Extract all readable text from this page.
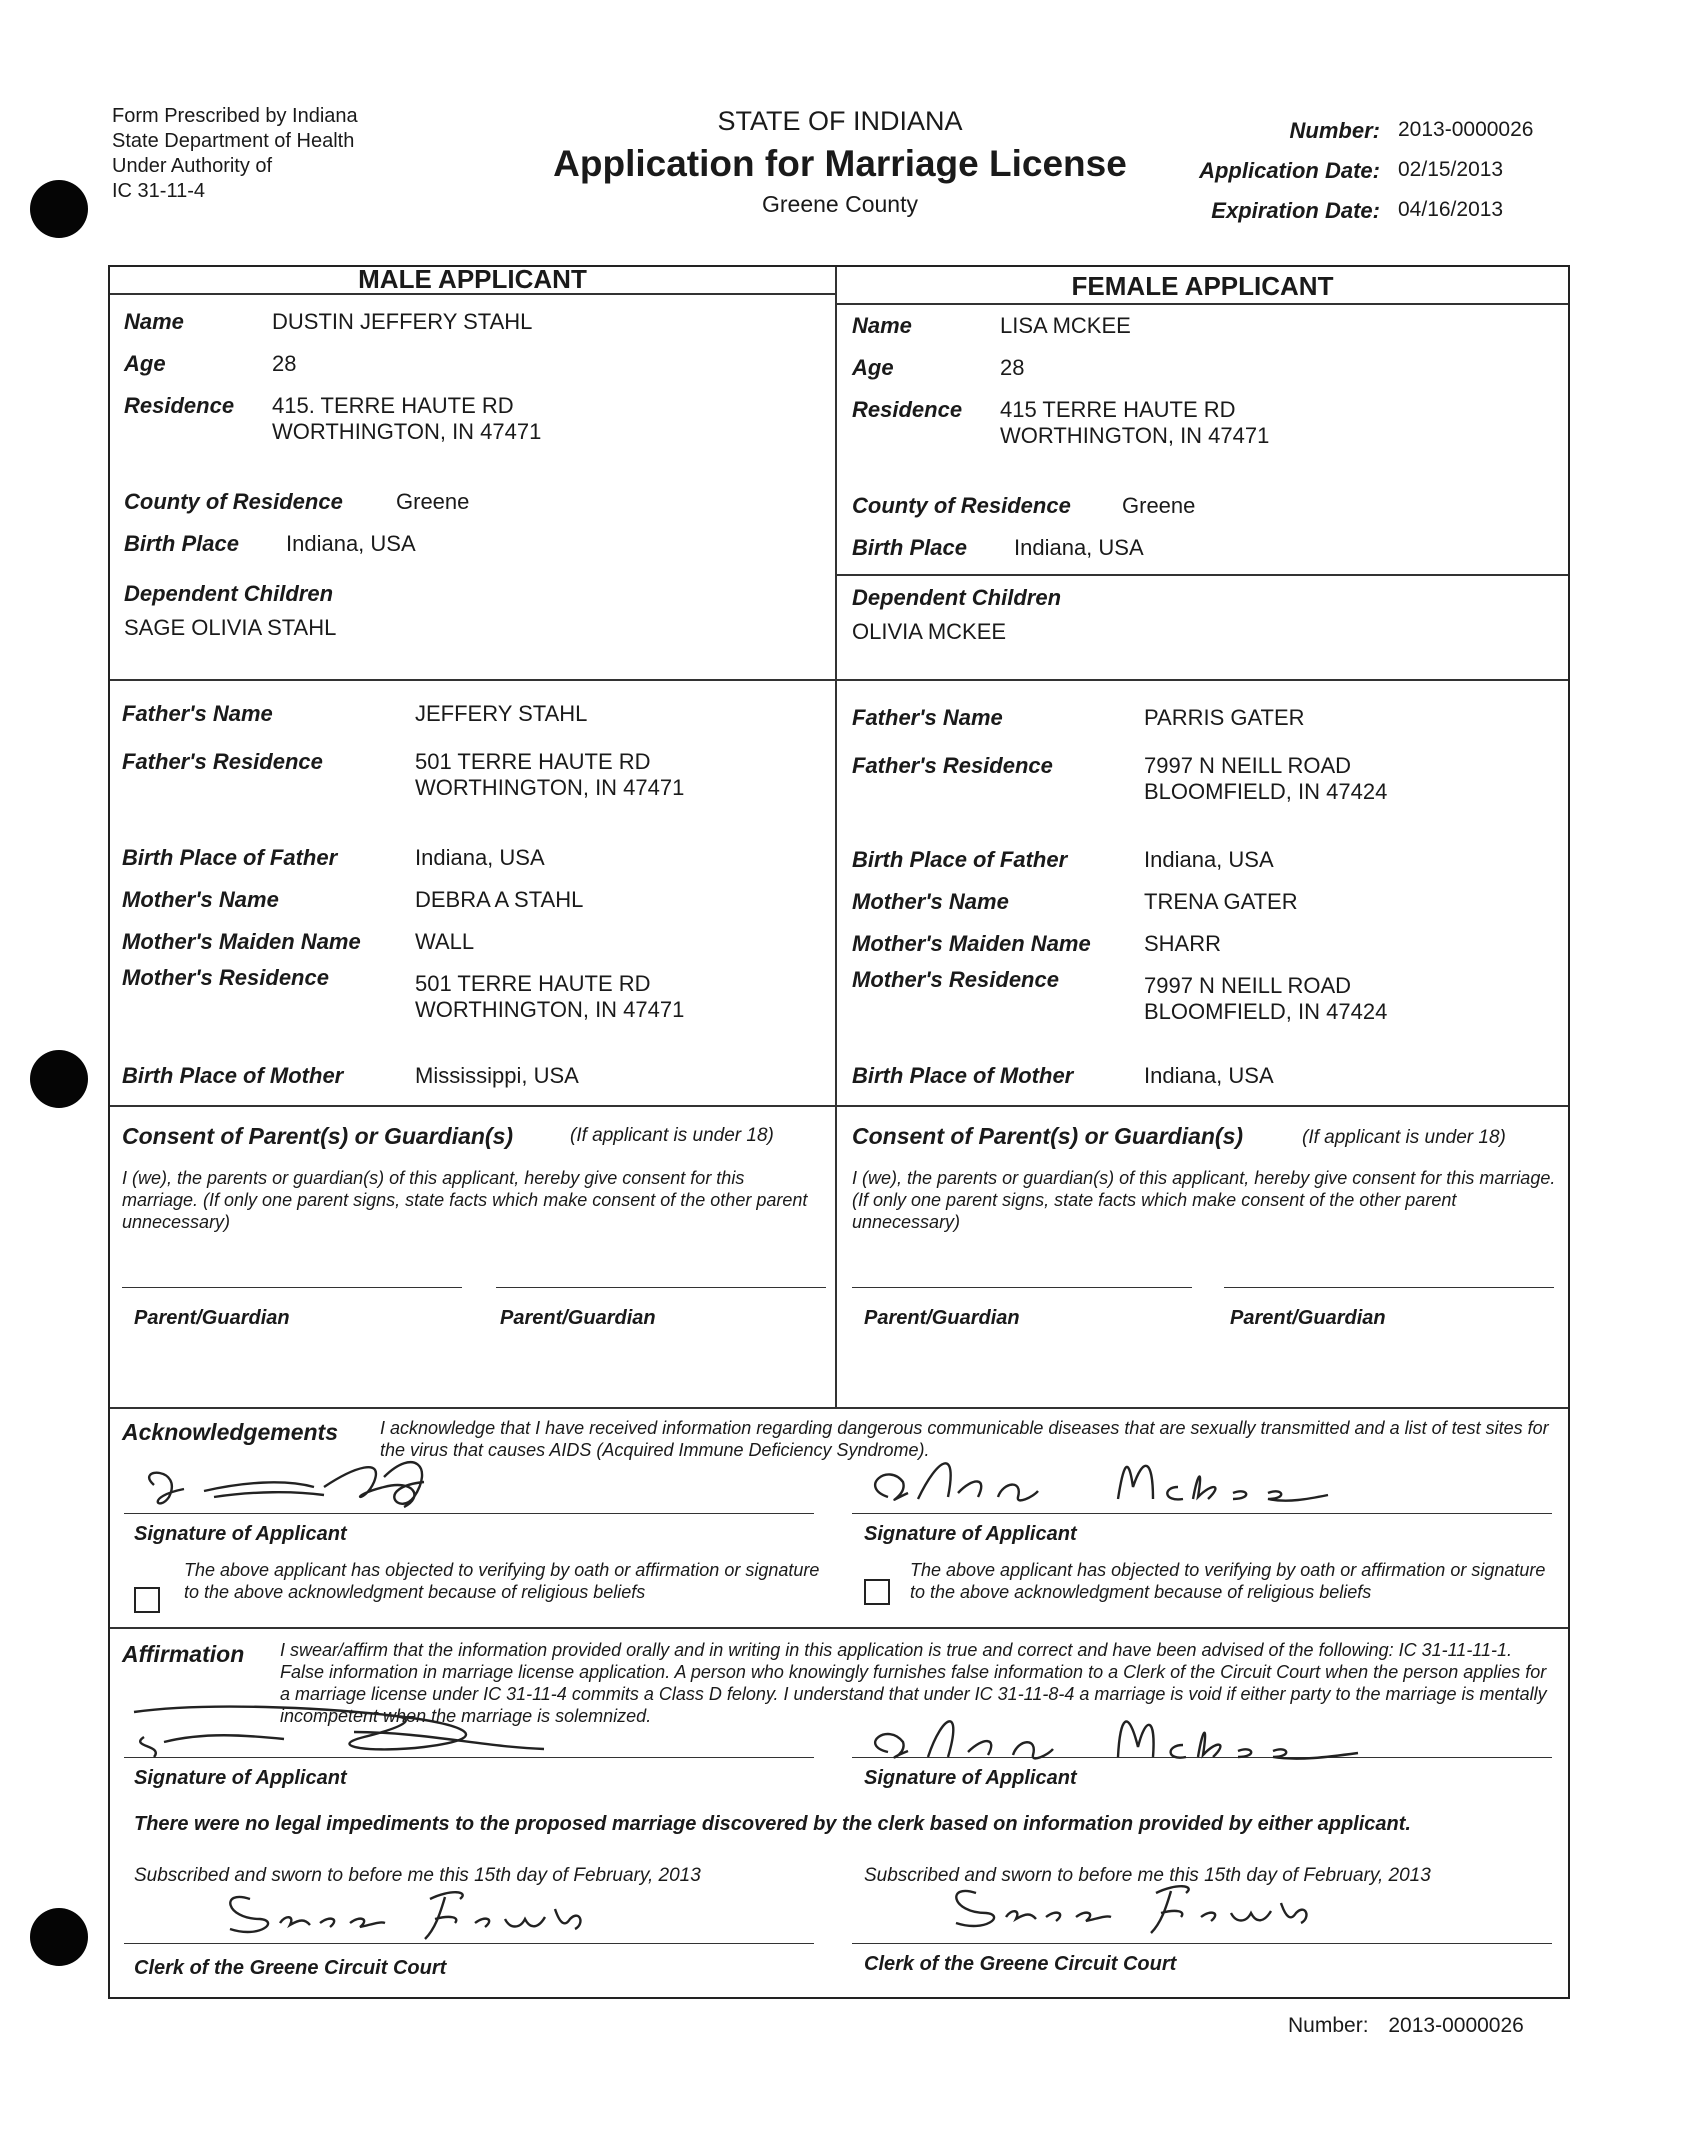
Form Prescribed by Indiana
State Department of Health
Under Authority of
IC 31-11-4
STATE OF INDIANA
Application for Marriage License
Greene County
Number: 2013-0000026
Application Date: 02/15/2013
Expiration Date: 04/16/2013
MALE APPLICANT	FEMALE APPLICANT
Name	DUSTIN JEFFERY STAHL
Age	28
Residence 415. TERRE HAUTE RD
WORTHINGTON, IN 47471
County of Residence Greene
Birth Place Indiana, USA
Dependent Children
SAGE OLIVIA STAHL
Father's Name	JEFFERY STAHL
Father's Residence	501 TERRE HAUTE RD
WORTHINGTON, IN 47471
Birth Place of Father	Indiana, USA
Mother's Name	DEBRA A STAHL
Mother's Maiden Name WALL
Mother's Residence	501 TERRE HAUTE RD
WORTHINGTON, IN 47471
Birth Place of Mother	Mississippi, USA
Name	LISA MCKEE
Age	28
Residence 415 TERRE HAUTE RD
WORTHINGTON, IN 47471
County of Residence Greene
Birth Place Indiana, USA
Dependent Children
OLIVIA MCKEE
Father's Name	PARRIS GATER
Father's Residence	7997 N NEILL ROAD
BLOOMFIELD, IN 47424
Birth Place of Father	Indiana, USA
Mother's Name	TRENA GATER
Mother's Maiden Name SHARR
Mother's Residence	7997 N NEILL ROAD
BLOOMFIELD, IN 47424
Birth Place of Mother	Indiana, USA
Consent of Parent(s) or Guardian(s)	(If applicant is under 18)
I (we), the parents or guardian(s) of this applicant, hereby give consent for this marriage. (If only one parent signs, state facts which make consent of the other parent unnecessary)
Parent/Guardian	Parent/Guardian
Consent of Parent(s) or Guardian(s)	(If applicant is under 18)
I (we), the parents or guardian(s) of this applicant, hereby give consent for this marriage. (If only one parent signs, state facts which make consent of the other parent unnecessary)
Parent/Guardian	Parent/Guardian
Acknowledgements I acknowledge that I have received information regarding dangerous communicable diseases that are sexually transmitted and a list of test sites for the virus that causes AIDS (Acquired Immune Deficiency Syndrome).
Signature of Applicant	Signature of Applicant
The above applicant has objected to verifying by oath or affirmation or signature to the above acknowledgment because of religious beliefs
The above applicant has objected to verifying by oath or affirmation or signature to the above acknowledgment because of religious beliefs
Affirmation I swear/affirm that the information provided orally and in writing in this application is true and correct and have been advised of the following: IC 31-11-11-1. False information in marriage license application. A person who knowingly furnishes false information to a Clerk of the Circuit Court when the person applies for a marriage license under IC 31-11-4 commits a Class D felony. I understand that under IC 31-11-8-4 a marriage is void if either party to the marriage is mentally incompetent when the marriage is solemnized.
Signature of Applicant	Signature of Applicant
There were no legal impediments to the proposed marriage discovered by the clerk based on information provided by either applicant.
Subscribed and sworn to before me this 15th day of February, 2013	Subscribed and sworn to before me this 15th day of February, 2013
Clerk of the Greene Circuit Court	Clerk of the Greene Circuit Court
Number: 2013-0000026
